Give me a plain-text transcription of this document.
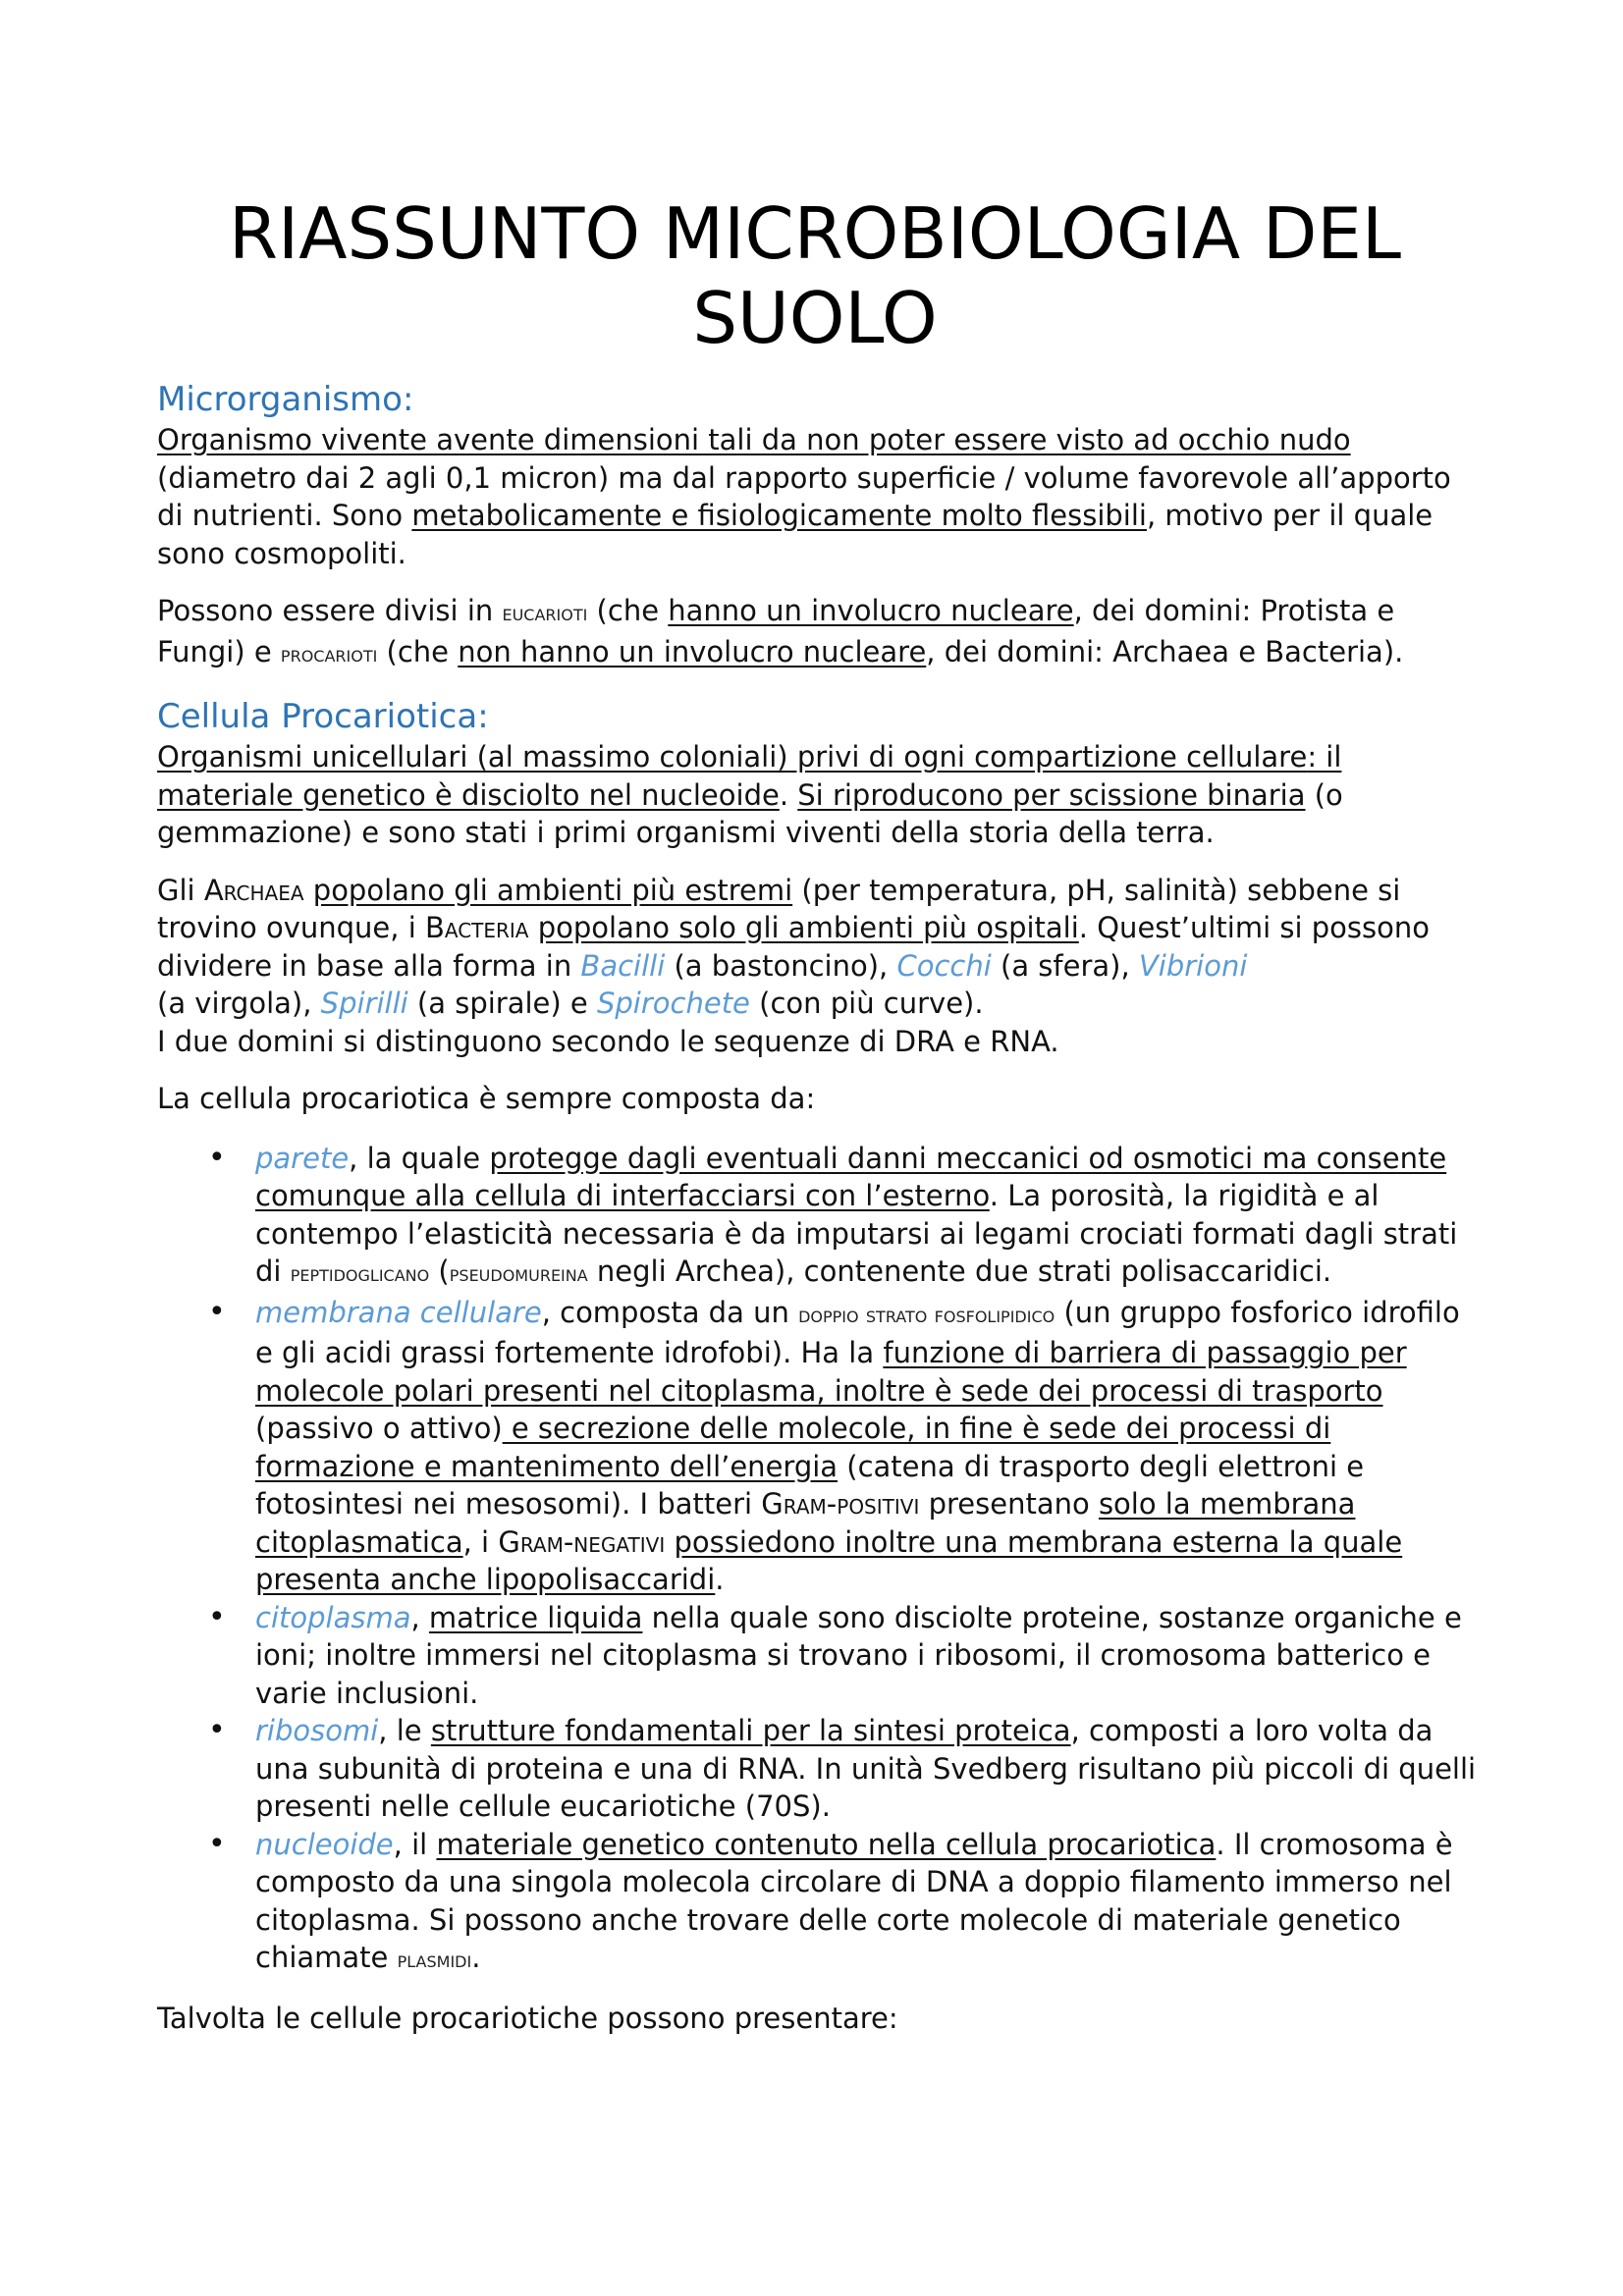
RIASSUNTO MICROBIOLOGIA DEL SUOLO
Microrganismo:

Organismo vivente avente dimensioni tali da non poter essere visto ad occhio nudo (diametro dai 2 agli 0,1 micron) ma dal rapporto superficie / volume favorevole all’apporto di nutrienti. Sono metabolicamente e fisiologicamente molto flessibili, motivo per il quale sono cosmopoliti.

Possono essere divisi in eucarioti (che hanno un involucro nucleare, dei domini: Protista e Fungi) e procarioti (che non hanno un involucro nucleare, dei domini: Archaea e Bacteria).

Cellula Procariotica:

Organismi unicellulari (al massimo coloniali) privi di ogni compartizione cellulare: il materiale genetico è disciolto nel nucleoide. Si riproducono per scissione binaria (o gemmazione) e sono stati i primi organismi viventi della storia della terra.

Gli Archaea popolano gli ambienti più estremi (per temperatura, pH, salinità) sebbene si trovino ovunque, i Bacteria popolano solo gli ambienti più ospitali. Quest’ultimi si possono dividere in base alla forma in Bacilli (a bastoncino), Cocchi (a sfera), Vibrioni
(a virgola), Spirilli (a spirale) e Spirochete (con più curve).
I due domini si distinguono secondo le sequenze di DRA e RNA.

La cellula procariotica è sempre composta da:

• parete, la quale protegge dagli eventuali danni meccanici od osmotici ma consente comunque alla cellula di interfacciarsi con l’esterno. La porosità, la rigidità e al contempo l’elasticità necessaria è da imputarsi ai legami crociati formati dagli strati di peptidoglicano (pseudomureina negli Archea), contenente due strati polisaccaridici.
• membrana cellulare, composta da un doppio strato fosfolipidico (un gruppo fosforico idrofilo e gli acidi grassi fortemente idrofobi). Ha la funzione di barriera di passaggio per molecole polari presenti nel citoplasma, inoltre è sede dei processi di trasporto (passivo o attivo) e secrezione delle molecole, in fine è sede dei processi di formazione e mantenimento dell’energia (catena di trasporto degli elettroni e fotosintesi nei mesosomi). I batteri Gram-positivi presentano solo la membrana citoplasmatica, i Gram-negativi possiedono inoltre una membrana esterna la quale presenta anche lipopolisaccaridi.
• citoplasma, matrice liquida nella quale sono disciolte proteine, sostanze organiche e ioni; inoltre immersi nel citoplasma si trovano i ribosomi, il cromosoma batterico e varie inclusioni.
• ribosomi, le strutture fondamentali per la sintesi proteica, composti a loro volta da una subunità di proteina e una di RNA. In unità Svedberg risultano più piccoli di quelli presenti nelle cellule eucariotiche (70S).
• nucleoide, il materiale genetico contenuto nella cellula procariotica. Il cromosoma è composto da una singola molecola circolare di DNA a doppio filamento immerso nel citoplasma. Si possono anche trovare delle corte molecole di materiale genetico chiamate plasmidi.

Talvolta le cellule procariotiche possono presentare:
